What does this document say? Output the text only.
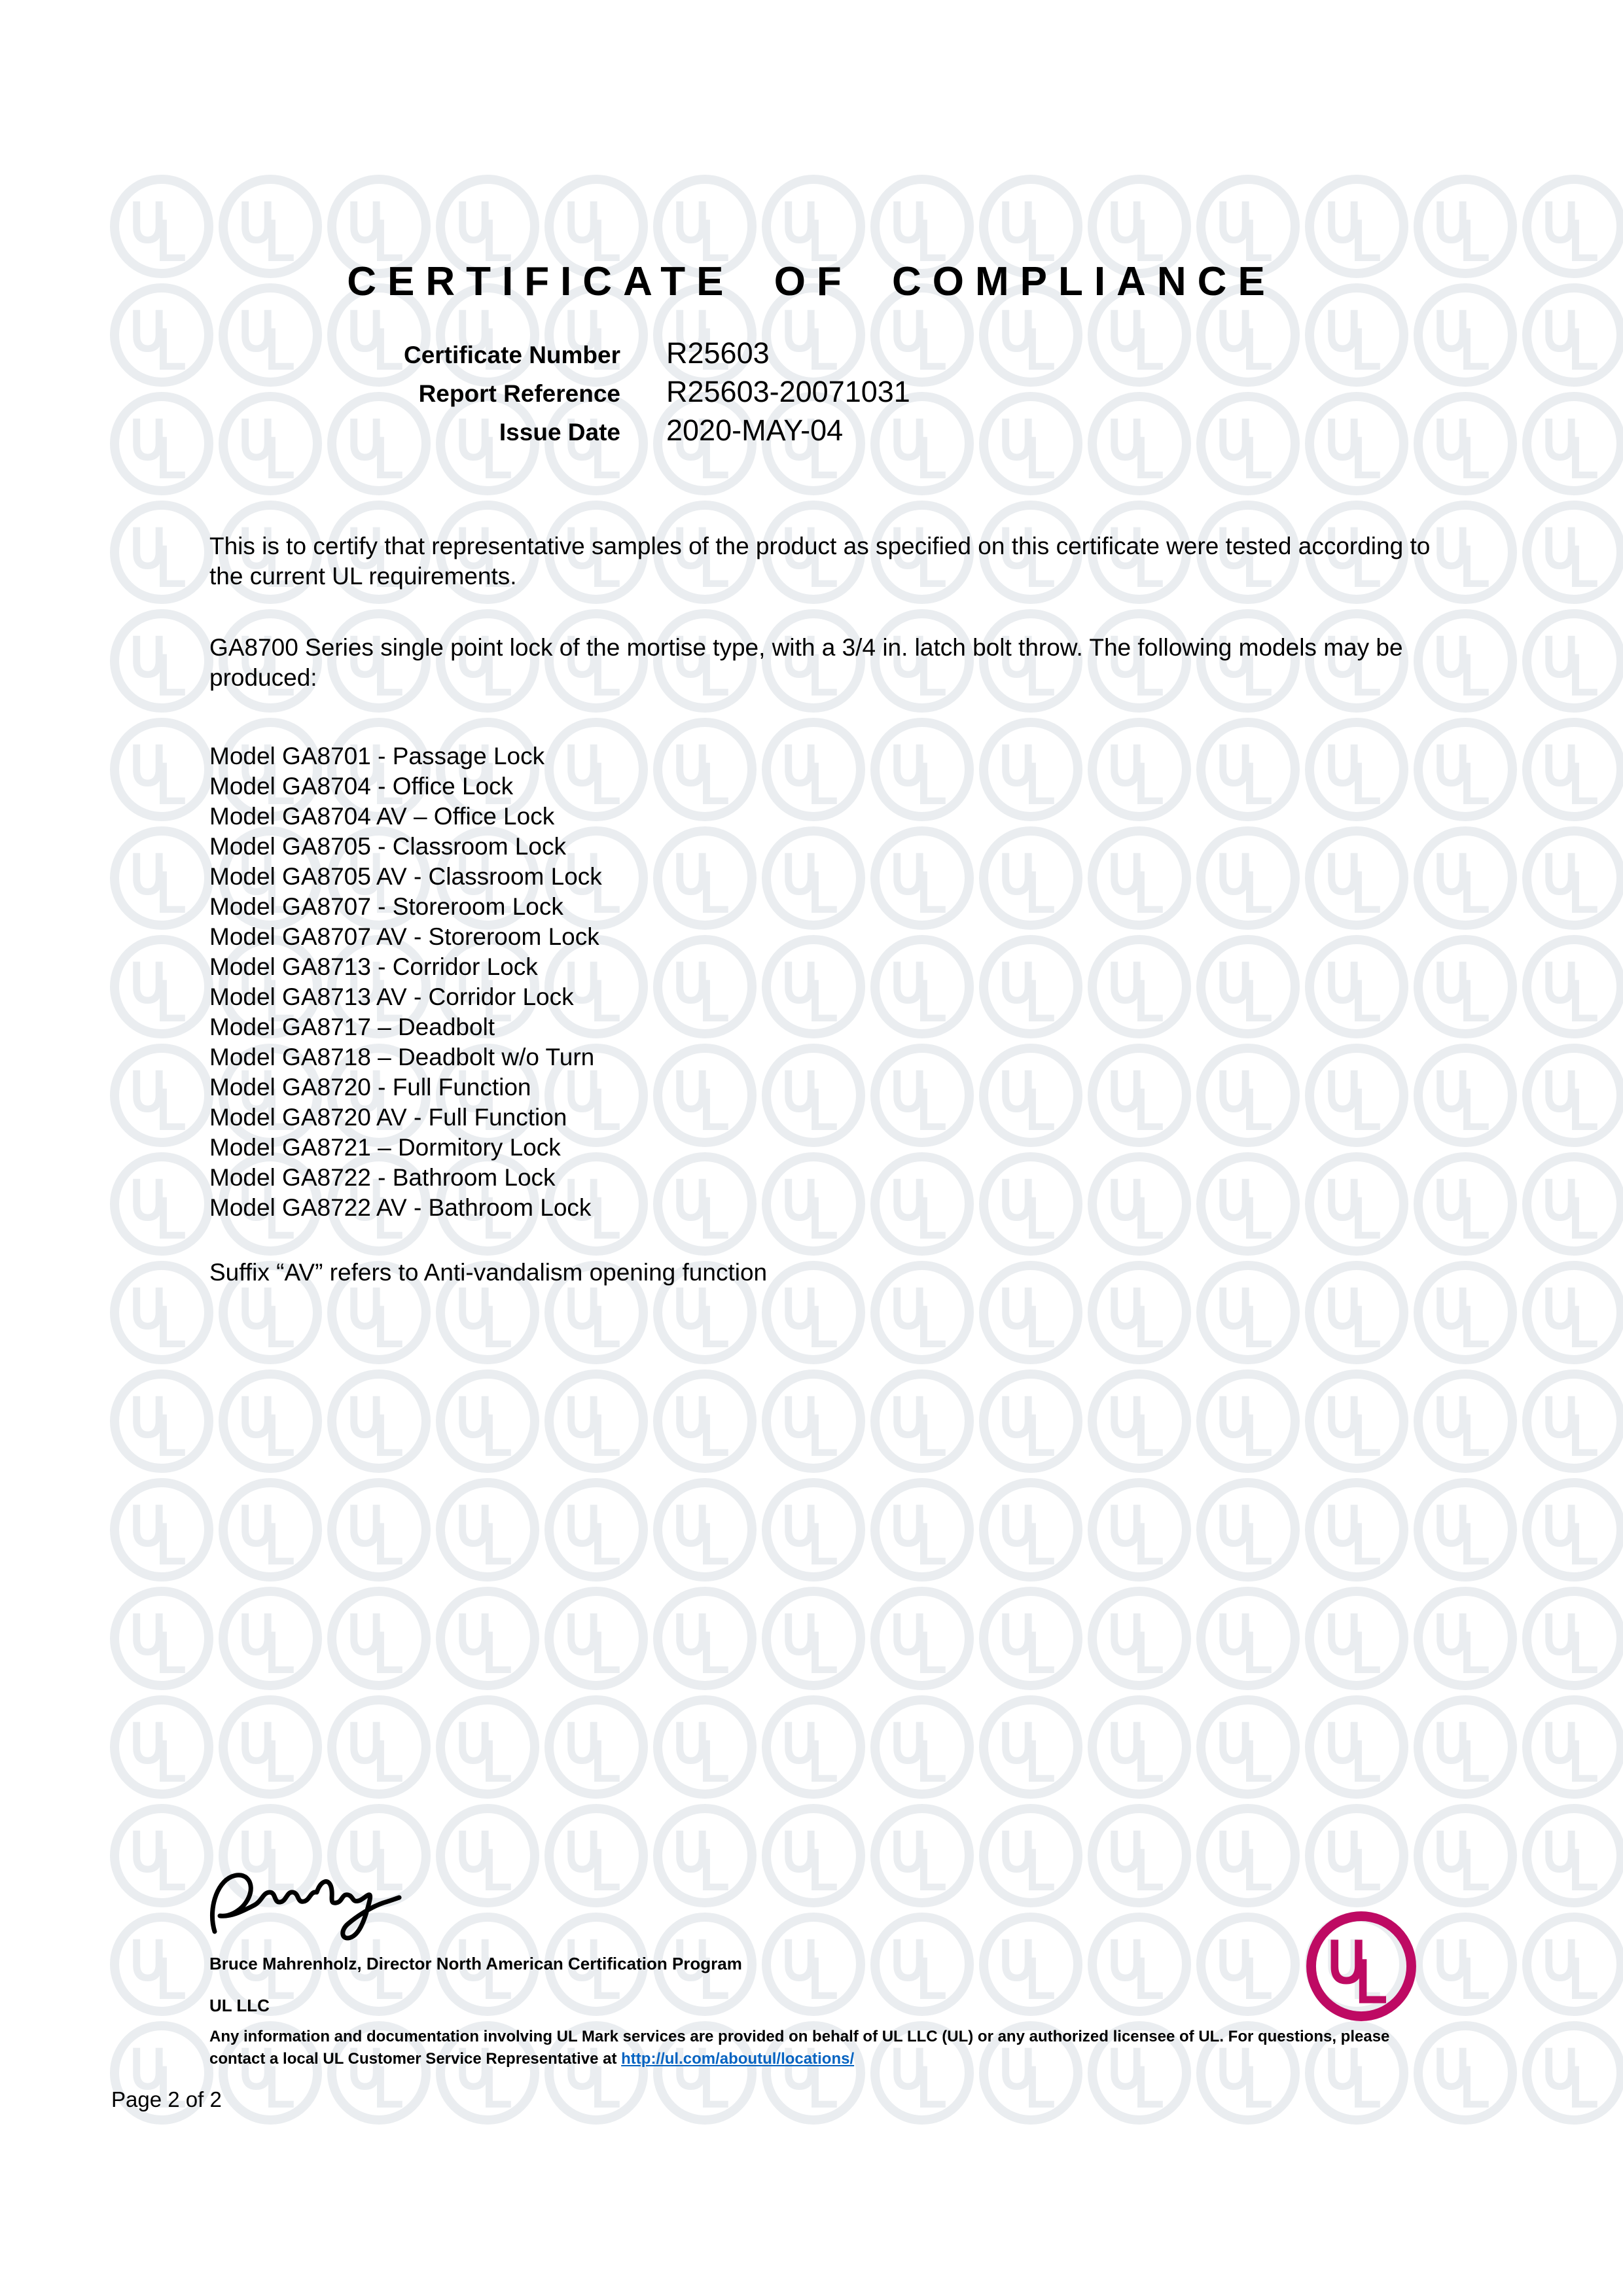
CERTIFICATE OF COMPLIANCE
Certificate Number R25603
Report Reference R25603-20071031
Issue Date 2020-MAY-04
This is to certify that representative samples of the product as specified on this certificate were tested according to the current UL requirements.
GA8700 Series single point lock of the mortise type, with a 3/4 in. latch bolt throw. The following models may be produced:
Model GA8701 - Passage Lock
Model GA8704 - Office Lock
Model GA8704 AV – Office Lock
Model GA8705 - Classroom Lock
Model GA8705 AV - Classroom Lock
Model GA8707 - Storeroom Lock
Model GA8707 AV - Storeroom Lock
Model GA8713 - Corridor Lock
Model GA8713 AV - Corridor Lock
Model GA8717 – Deadbolt
Model GA8718 – Deadbolt w/o Turn
Model GA8720 - Full Function
Model GA8720 AV - Full Function
Model GA8721 – Dormitory Lock
Model GA8722 - Bathroom Lock
Model GA8722 AV - Bathroom Lock
Suffix “AV” refers to Anti-vandalism opening function
Bruce Mahrenholz, Director North American Certification Program
UL LLC
Any information and documentation involving UL Mark services are provided on behalf of UL LLC (UL) or any authorized licensee of UL. For questions, please contact a local UL Customer Service Representative at http://ul.com/aboutul/locations/
Page 2 of 2
